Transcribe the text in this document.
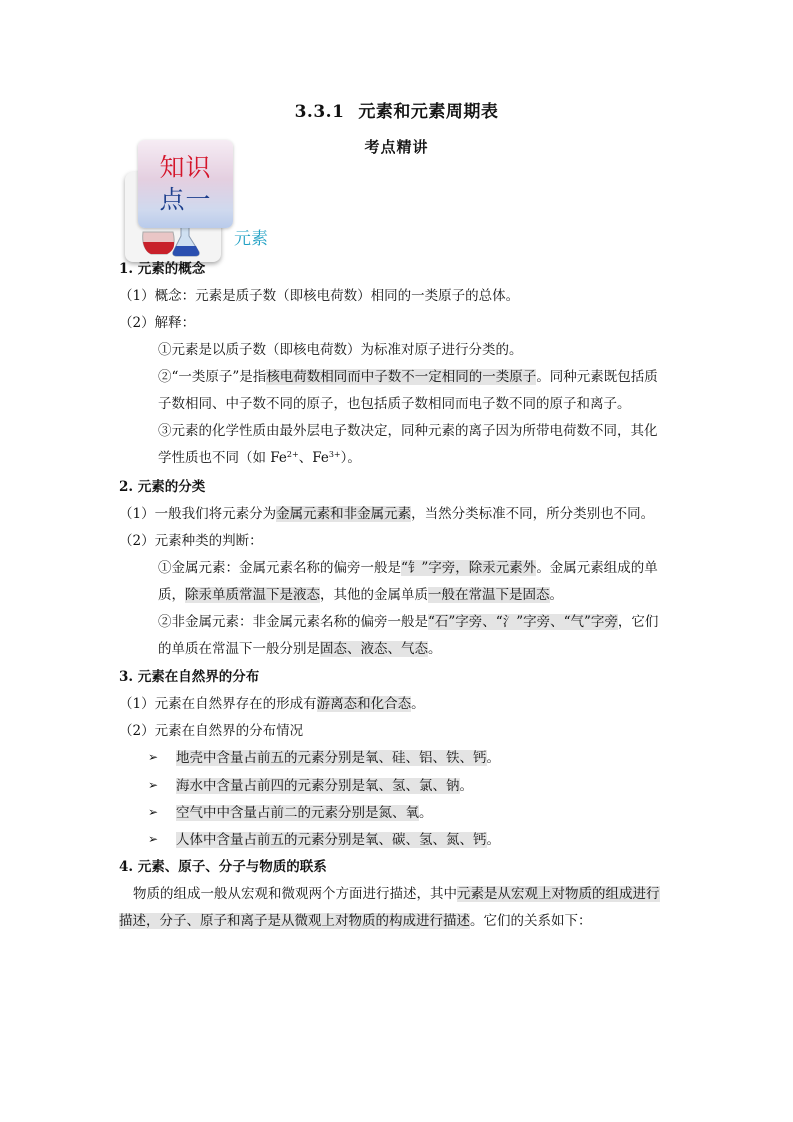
3.3.1 元素和元素周期表
考点精讲
知识
点一
元素
1. 元素的概念
（1）概念：元素是质子数（即核电荷数）相同的一类原子的总体。
（2）解释：
①元素是以质子数（即核电荷数）为标准对原子进行分类的。
②“一类原子”是指核电荷数相同而中子数不一定相同的一类原子。同种元素既包括质
子数相同、中子数不同的原子，也包括质子数相同而电子数不同的原子和离子。
③元素的化学性质由最外层电子数决定，同种元素的离子因为所带电荷数不同，其化
学性质也不同（如 $Fe^{2+}$、$Fe^{3+}$）。
2. 元素的分类
（1）一般我们将元素分为金属元素和非金属元素，当然分类标准不同，所分类别也不同。
（2）元素种类的判断：
①金属元素：金属元素名称的偏旁一般是“钅”字旁，除汞元素外。金属元素组成的单
质，除汞单质常温下是液态，其他的金属单质一般在常温下是固态。
②非金属元素：非金属元素名称的偏旁一般是“石”字旁、“氵”字旁、“气”字旁，它们
的单质在常温下一般分别是固态、液态、气态。
3. 元素在自然界的分布
（1）元素在自然界存在的形成有游离态和化合态。
（2）元素在自然界的分布情况
➢ 地壳中含量占前五的元素分别是氧、硅、铝、铁、钙。
➢ 海水中含量占前四的元素分别是氧、氢、氯、钠。
➢ 空气中中含量占前二的元素分别是氮、氧。
➢ 人体中含量占前五的元素分别是氧、碳、氢、氮、钙。
4. 元素、原子、分子与物质的联系
物质的组成一般从宏观和微观两个方面进行描述，其中元素是从宏观上对物质的组成进行
描述，分子、原子和离子是从微观上对物质的构成进行描述。它们的关系如下：
